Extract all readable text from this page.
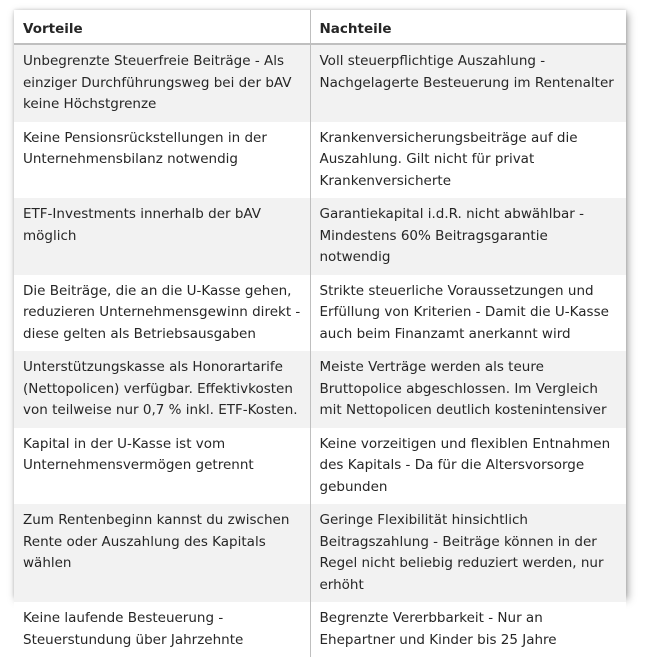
Vorteile	Nachteile
Unbegrenzte Steuerfreie Beiträge - Als einziger Durchführungsweg bei der bAV keine Höchstgrenze	Voll steuerpflichtige Auszahlung - Nachgelagerte Besteuerung im Rentenalter
Keine Pensionsrückstellungen in der Unternehmensbilanz notwendig	Krankenversicherungsbeiträge auf die Auszahlung. Gilt nicht für privat Krankenversicherte
ETF-Investments innerhalb der bAV möglich	Garantiekapital i.d.R. nicht abwählbar - Mindestens 60% Beitragsgarantie notwendig
Die Beiträge, die an die U-Kasse gehen, reduzieren Unternehmensgewinn direkt - diese gelten als Betriebsausgaben	Strikte steuerliche Voraussetzungen und Erfüllung von Kriterien - Damit die U-Kasse auch beim Finanzamt anerkannt wird
Unterstützungskasse als Honorartarife (Nettopolicen) verfügbar. Effektivkosten von teilweise nur 0,7 % inkl. ETF-Kosten.	Meiste Verträge werden als teure Bruttopolice abgeschlossen. Im Vergleich mit Nettopolicen deutlich kostenintensiver
Kapital in der U-Kasse ist vom Unternehmensvermögen getrennt	Keine vorzeitigen und flexiblen Entnahmen des Kapitals - Da für die Altersvorsorge gebunden
Zum Rentenbeginn kannst du zwischen Rente oder Auszahlung des Kapitals wählen	Geringe Flexibilität hinsichtlich Beitragszahlung - Beiträge können in der Regel nicht beliebig reduziert werden, nur erhöht
Keine laufende Besteuerung - Steuerstundung über Jahrzehnte	Begrenzte Vererbbarkeit - Nur an Ehepartner und Kinder bis 25 Jahre
